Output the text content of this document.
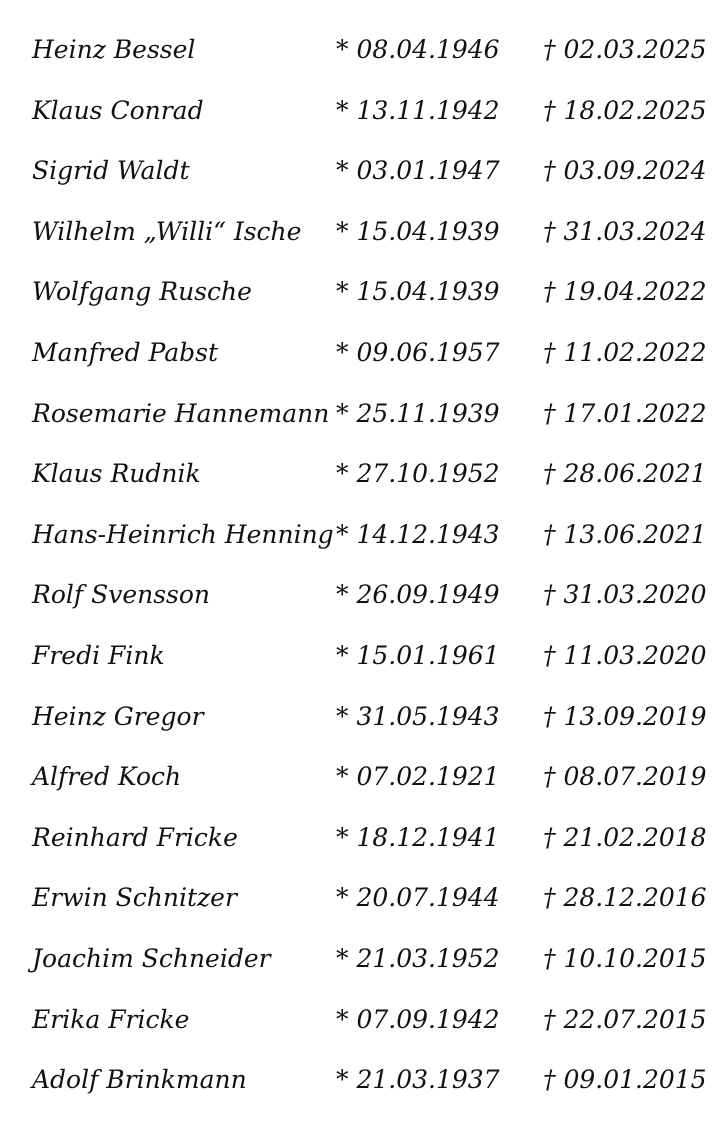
Heinz Bessel	* 08.04.1946 † 02.03.2025
Klaus Conrad	* 13.11.1942 † 18.02.2025
Sigrid Waldt	* 03.01.1947 † 03.09.2024
Wilhelm „Willi“ Ische * 15.04.1939 † 31.03.2024
Wolfgang Rusche	* 15.04.1939 † 19.04.2022
Manfred Pabst	* 09.06.1957 † 11.02.2022
Rosemarie Hannemann * 25.11.1939 † 17.01.2022
Klaus Rudnik	* 27.10.1952 † 28.06.2021
Hans-Heinrich Henning * 14.12.1943 † 13.06.2021
Rolf Svensson	* 26.09.1949 † 31.03.2020
Fredi Fink	* 15.01.1961 † 11.03.2020
Heinz Gregor	* 31.05.1943 † 13.09.2019
Alfred Koch	* 07.02.1921 † 08.07.2019
Reinhard Fricke	* 18.12.1941 † 21.02.2018
Erwin Schnitzer	* 20.07.1944 † 28.12.2016
Joachim Schneider	* 21.03.1952 † 10.10.2015
Erika Fricke	* 07.09.1942 † 22.07.2015
Adolf Brinkmann	* 21.03.1937 † 09.01.2015
